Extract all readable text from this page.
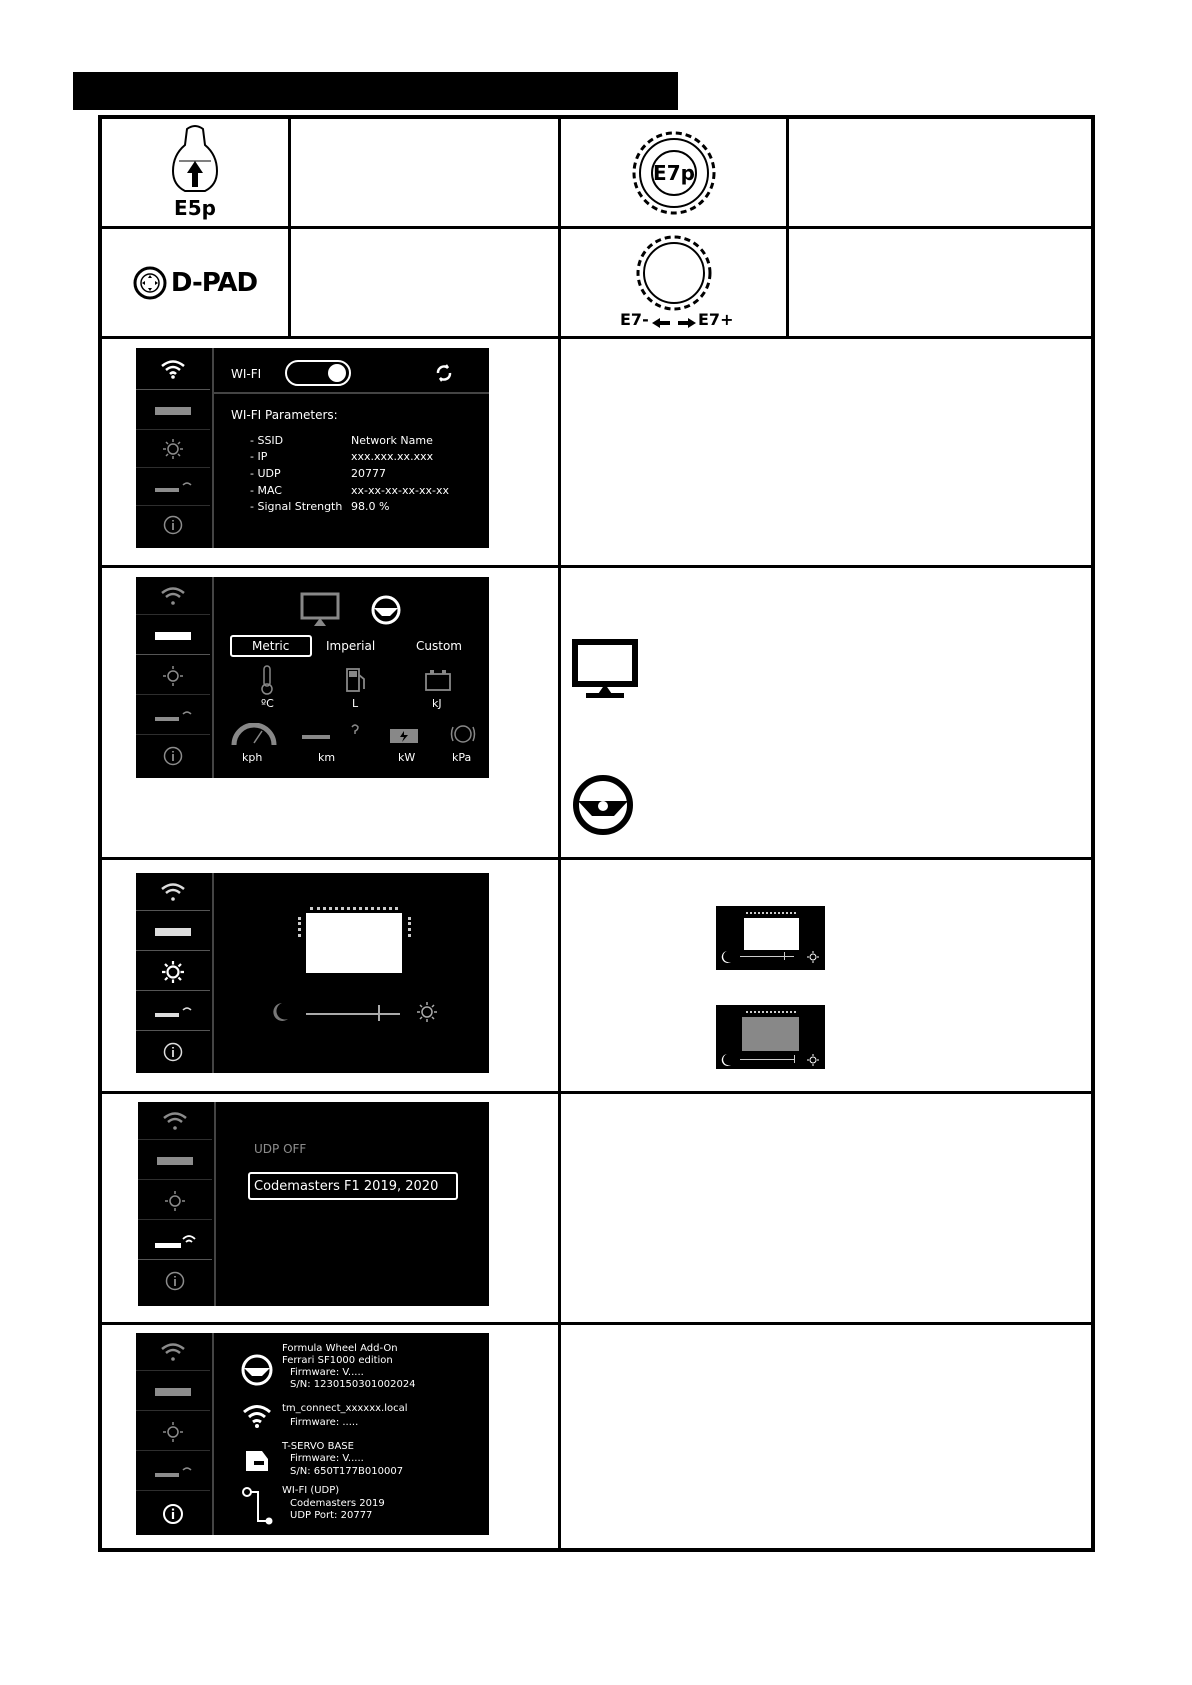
E5p
E7p
D-PAD
E7-	E7+
WI-FI
WI-FI Parameters:
- SSID	Network Name
- IP	xxx.xxx.xx.xxx
- UDP	20777
- MAC	xx-xx-xx-xx-xx-xx
- Signal Strength 98.0 %
Metric	Imperial	Custom
ºC	L	kJ
kph	km	kW	kPa
UDP OFF
Codemasters F1 2019, 2020
Formula Wheel Add-On
Ferrari SF1000 edition
Firmware: V.....
S/N: 1230150301002024
tm_connect_xxxxxx.local
Firmware: .....
T-SERVO BASE
Firmware: V.....
S/N: 650T177B010007
WI-FI (UDP)
Codemasters 2019
UDP Port: 20777
